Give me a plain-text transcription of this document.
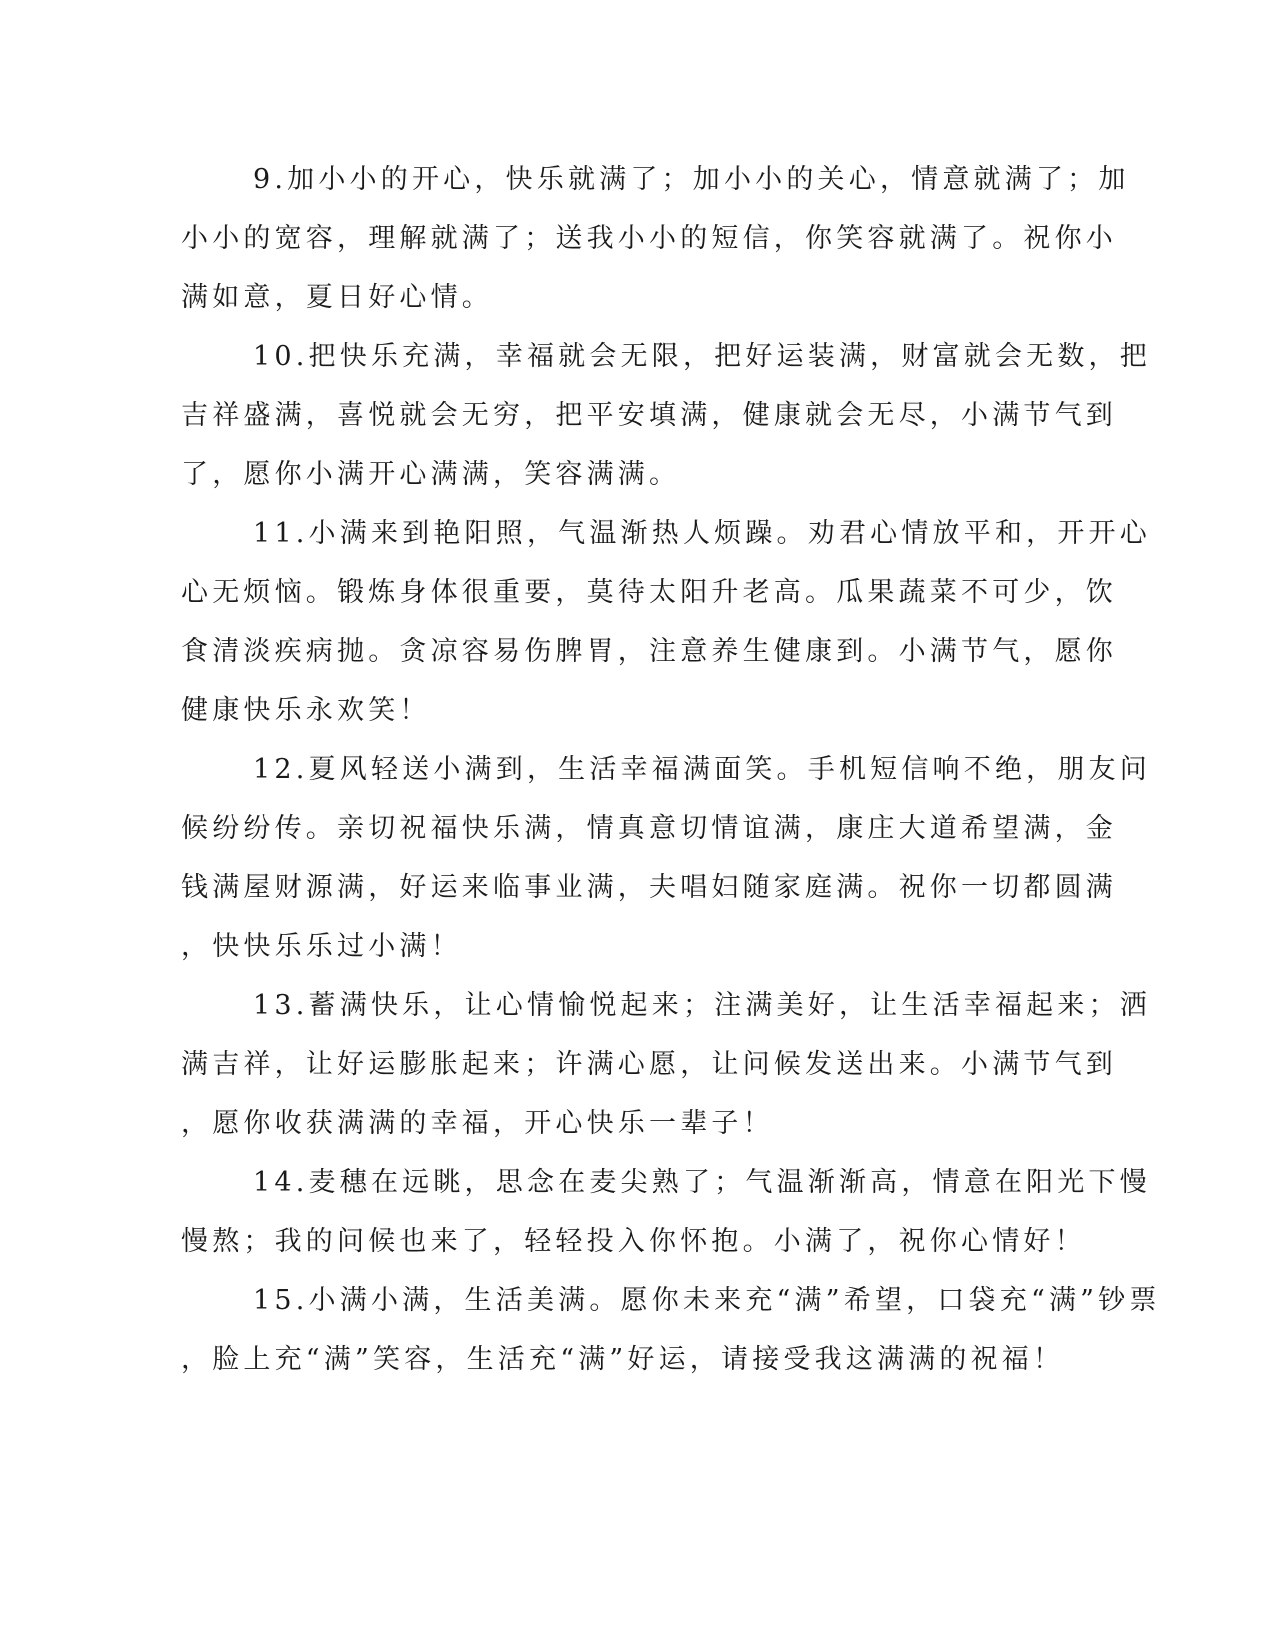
9.加小小的开心，快乐就满了；加小小的关心，情意就满了；加
小小的宽容，理解就满了；送我小小的短信，你笑容就满了。祝你小
满如意，夏日好心情。
10.把快乐充满，幸福就会无限，把好运装满，财富就会无数，把
吉祥盛满，喜悦就会无穷，把平安填满，健康就会无尽，小满节气到
了，愿你小满开心满满，笑容满满。
11.小满来到艳阳照，气温渐热人烦躁。劝君心情放平和，开开心
心无烦恼。锻炼身体很重要，莫待太阳升老高。瓜果蔬菜不可少，饮
食清淡疾病抛。贪凉容易伤脾胃，注意养生健康到。小满节气，愿你
健康快乐永欢笑！
12.夏风轻送小满到，生活幸福满面笑。手机短信响不绝，朋友问
候纷纷传。亲切祝福快乐满，情真意切情谊满，康庄大道希望满，金
钱满屋财源满，好运来临事业满，夫唱妇随家庭满。祝你一切都圆满
，快快乐乐过小满！
13.蓄满快乐，让心情愉悦起来；注满美好，让生活幸福起来；洒
满吉祥，让好运膨胀起来；许满心愿，让问候发送出来。小满节气到
，愿你收获满满的幸福，开心快乐一辈子！
14.麦穗在远眺，思念在麦尖熟了；气温渐渐高，情意在阳光下慢
慢熬；我的问候也来了，轻轻投入你怀抱。小满了，祝你心情好！
15.小满小满，生活美满。愿你未来充“满”希望，口袋充“满”钞票
，脸上充“满”笑容，生活充“满”好运，请接受我这满满的祝福！
